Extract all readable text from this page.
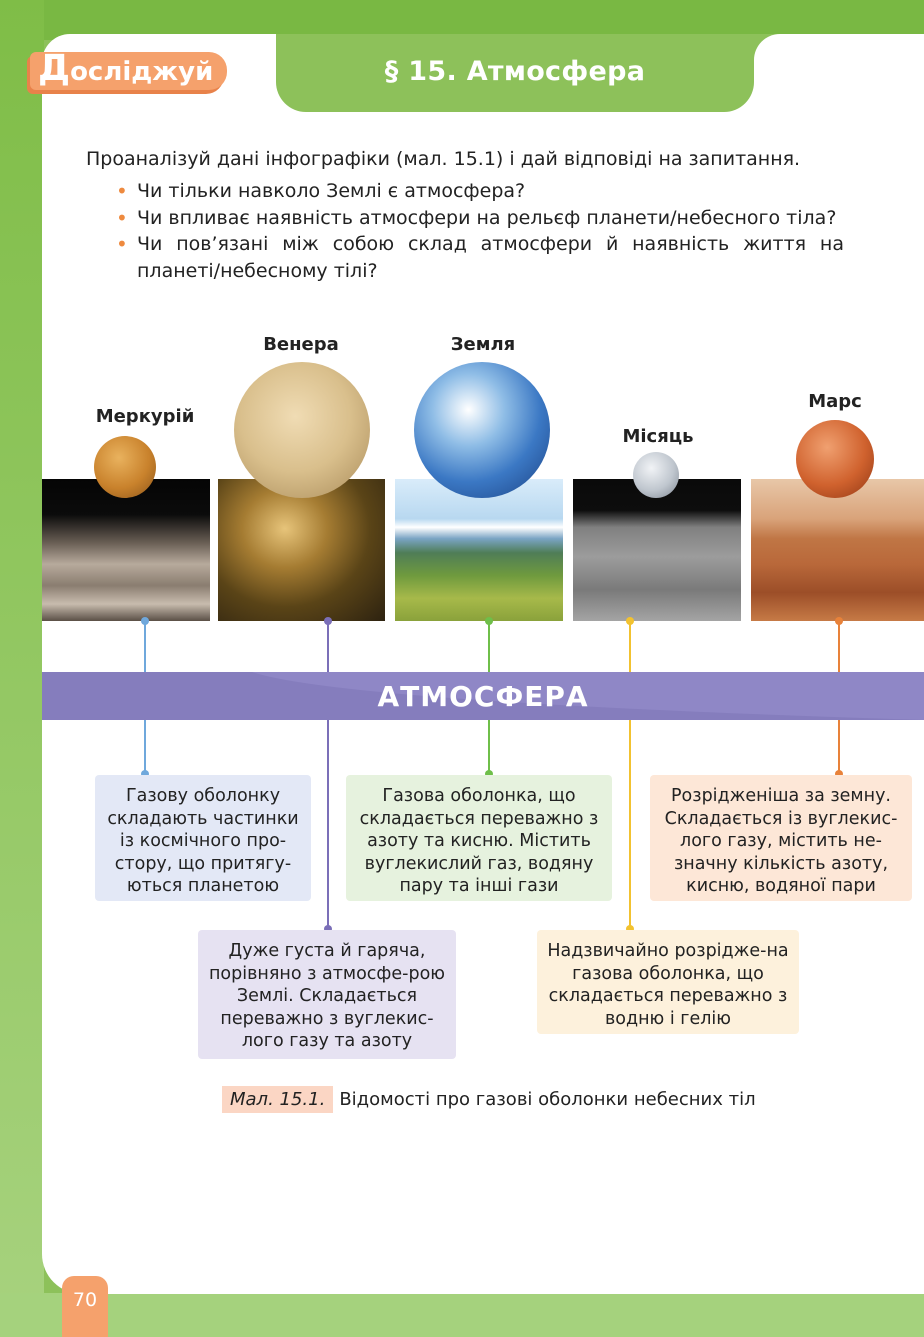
§ 15. Атмосфера
Досліджуй
Проаналізуй дані інфографіки (мал. 15.1) і дай відповіді на запитання.
• Чи тільки навколо Землі є атмосфера?
• Чи впливає наявність атмосфери на рельєф планети/небесного тіла?
• Чи пов’язані між собою склад атмосфери й наявність життя на планеті/небесному тілі?
Меркурій
Венера	Земля
Місяць
Марс
АТМОСФЕРА
Газову оболонку складають частинки із космічного про-стору, що притягу-ються планетою
Газова оболонка, що складається переважно з азоту та кисню. Містить вуглекислий газ, водяну пару та інші гази
Розрідженіша за земну. Складається із вуглекис-лого газу, містить не-значну кількість азоту, кисню, водяної пари
Дуже густа й гаряча, порівняно з атмосфе-рою Землі. Складається переважно з вуглекис-лого газу та азоту
Надзвичайно розрідже-на газова оболонка, що складається переважно з водню і гелію
Мал. 15.1. Відомості про газові оболонки небесних тіл
70
